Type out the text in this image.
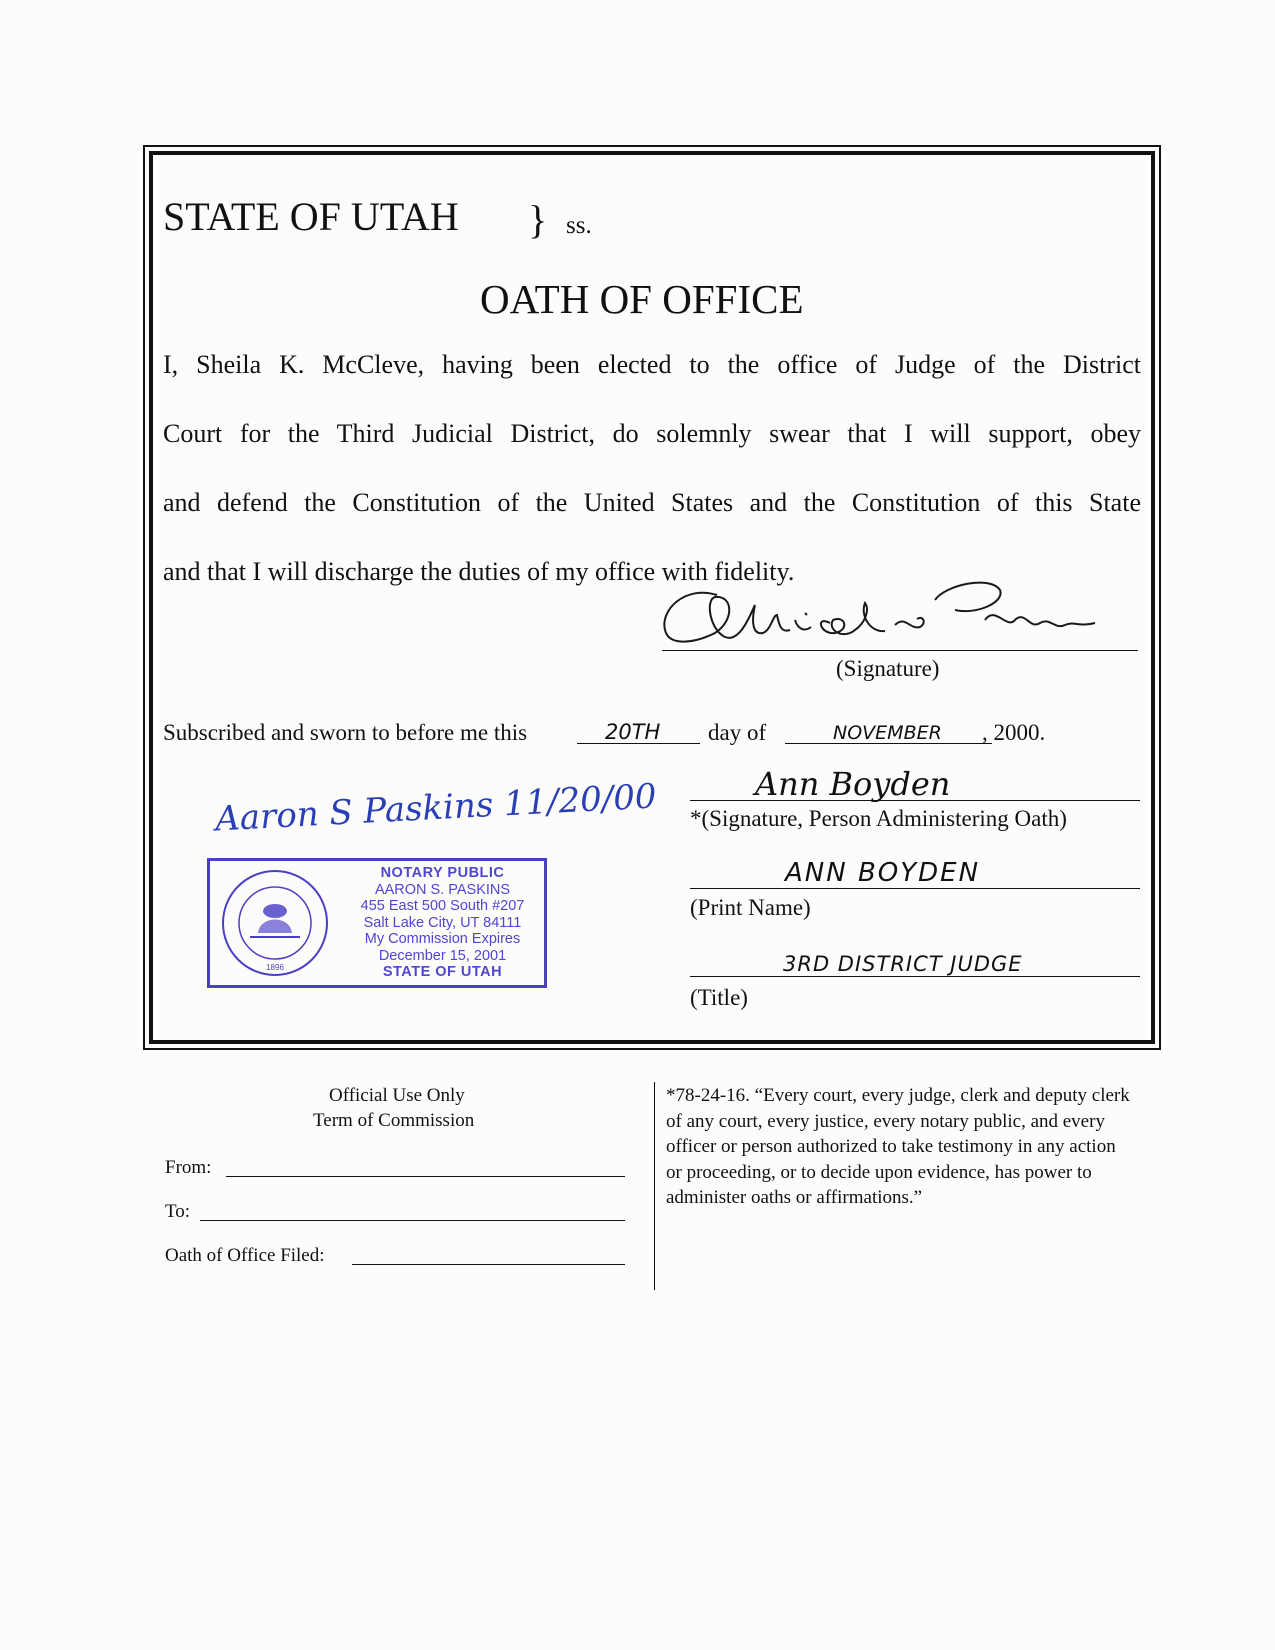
STATE OF UTAH } ss.
OATH OF OFFICE
I, Sheila K. McCleve, having been elected to the office of Judge of the District
Court for the Third Judicial District, do solemnly swear that I will support, obey
and defend the Constitution of the United States and the Constitution of this State
and that I will discharge the duties of my office with fidelity.
(Signature)
Subscribed and sworn to before me this	20TH day of	NOVEMBER , 2000.
Aaron S Paskins 11/20/00	Ann Boyden
*(Signature, Person Administering Oath)
ANN BOYDEN
(Print Name)
3RD DISTRICT JUDGE
(Title)
1896
NOTARY PUBLIC
AARON S. PASKINS
455 East 500 South #207
Salt Lake City, UT 84111
My Commission Expires
December 15, 2001
STATE OF UTAH
Official Use Only
Term of Commission
From:
To:
Oath of Office Filed:
*78-24-16. “Every court, every judge, clerk and deputy clerk of any court, every justice, every notary public, and every officer or person authorized to take testimony in any action or proceeding, or to decide upon evidence, has power to administer oaths or affirmations.”
